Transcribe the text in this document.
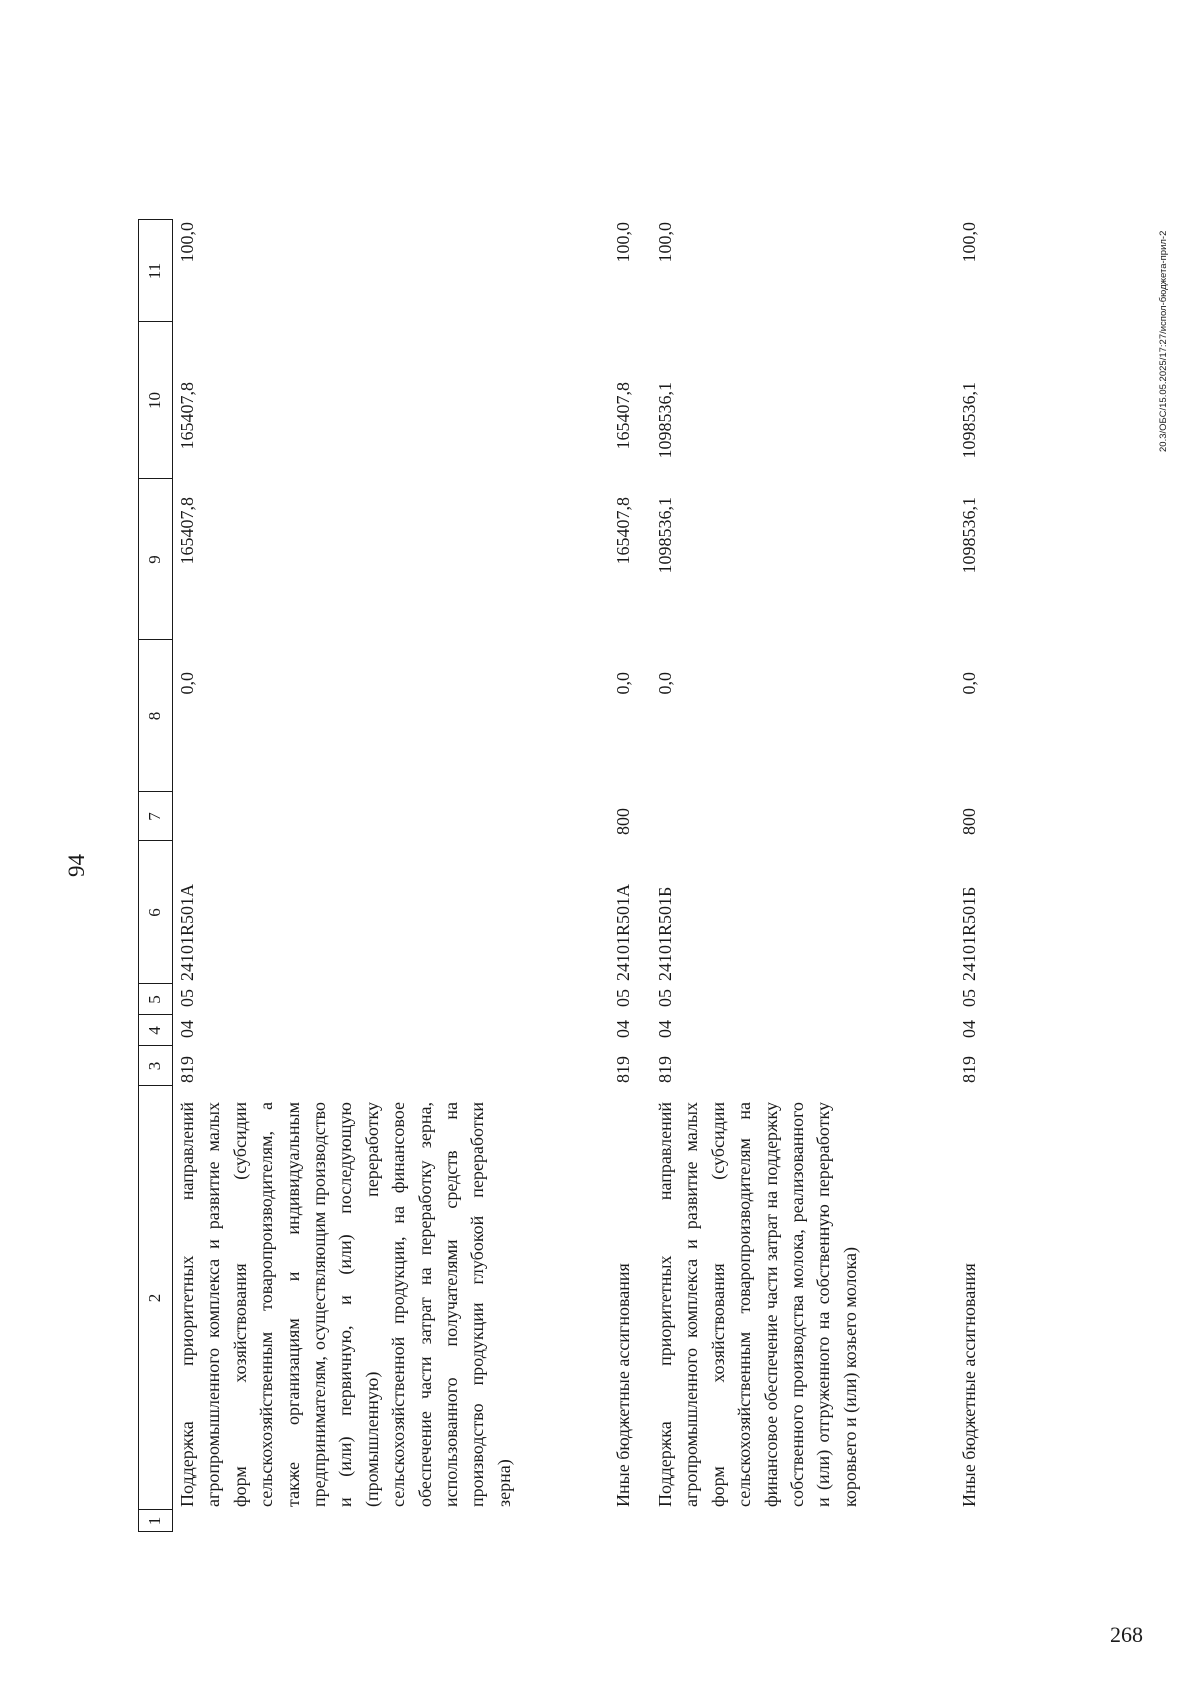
94
1
2
3
4
5
6
7
8
9
10
11
Поддержка приоритетных направлений агропромышленного комплекса и развитие малых форм хозяйствования (субсидии сельскохозяйственным товаропроизводителям, а также организациям и индивидуальным предпринимателям, осуществляющим производство и (или) первичную, и (или) последующую (промышленную) переработку сельскохозяйственной продукции, на финансовое обеспечение части затрат на переработку зерна, использованного получателями средств на производство продукции глубокой переработки зерна)
819
04
05
24101R501A
0,0
165407,8
165407,8
100,0
Иные бюджетные ассигнования
819
04
05
24101R501A
800
0,0
165407,8
165407,8
100,0
Поддержка приоритетных направлений агропромышленного комплекса и развитие малых форм хозяйствования (субсидии сельскохозяйственным товаропроизводителям на финансовое обеспечение части затрат на поддержку собственного производства молока, реализованного и (или) отгруженного на собственную переработку коровьего и (или) козьего молока)
819
04
05
24101R501Б
0,0
1098536,1
1098536,1
100,0
Иные бюджетные ассигнования
819
04
05
24101R501Б
800
0,0
1098536,1
1098536,1
100,0	20.3/ОБС/15.05.2025/17:27/испол-бюджета-прил-2
268
